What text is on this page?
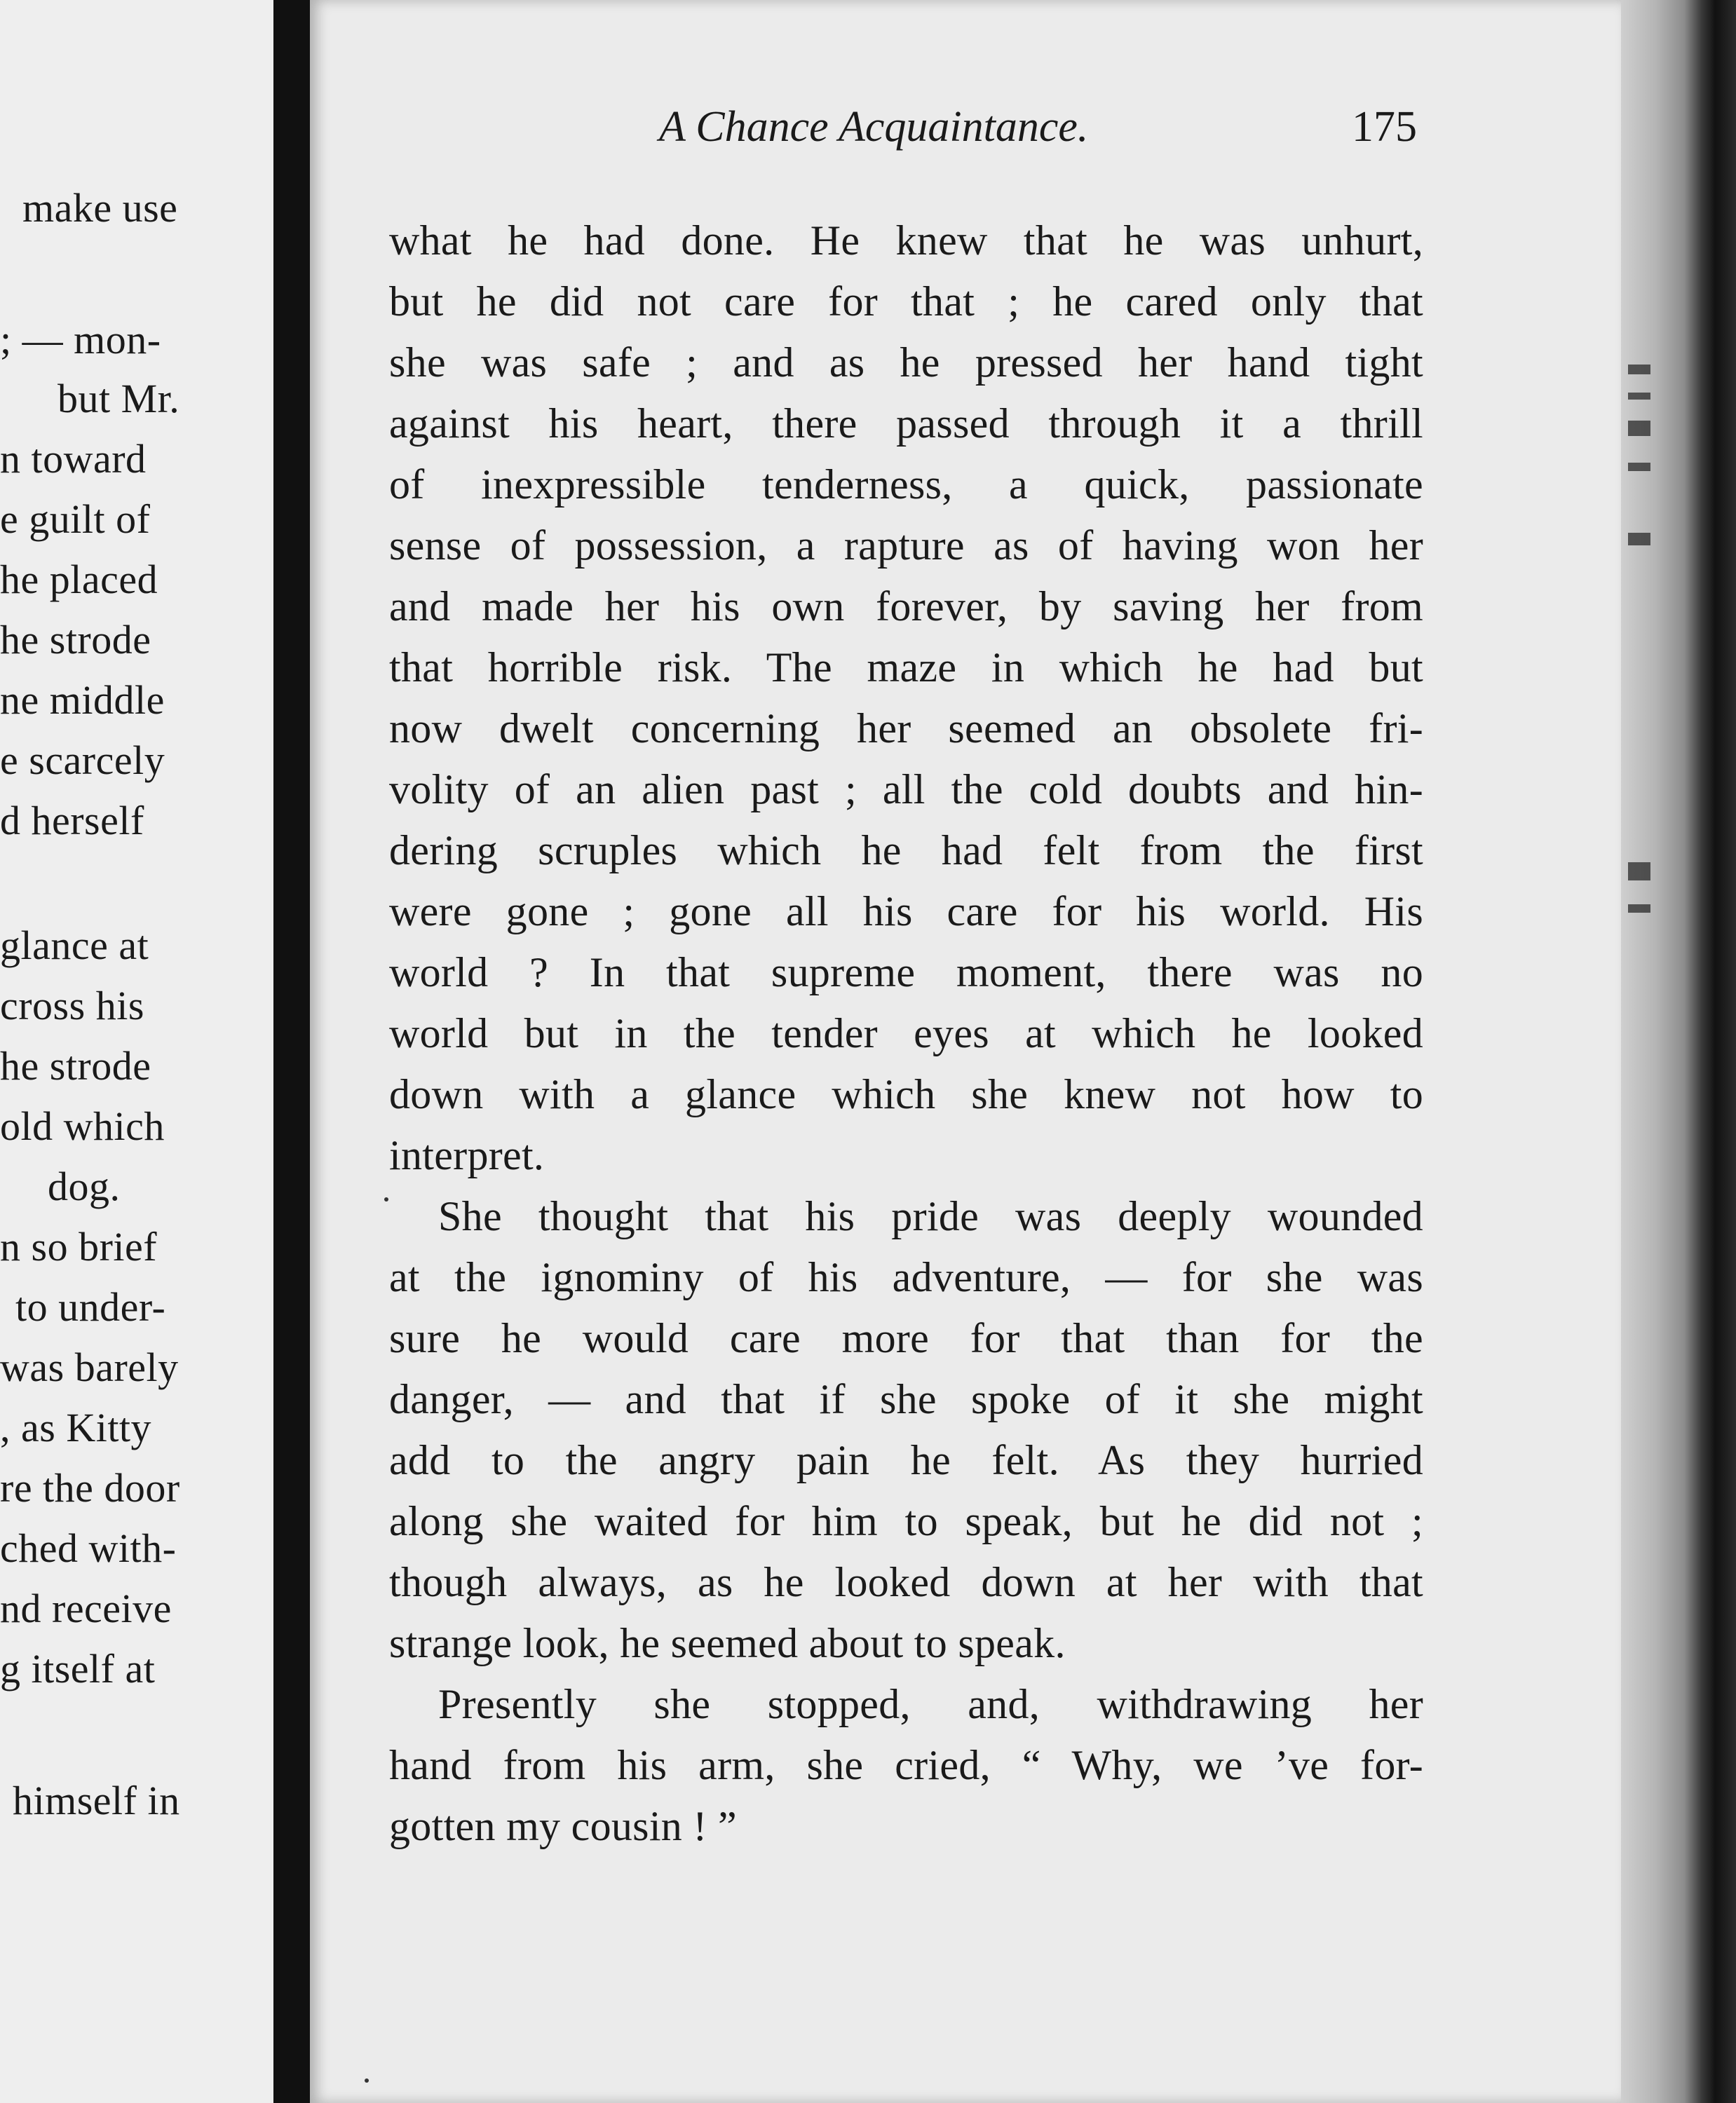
make use
; — mon-
but Mr.
n toward
e guilt of
he placed
he strode
ne middle
e scarcely
d herself
glance at
cross his
he strode
old which
dog.
n so brief
to under-
was barely
, as Kitty
re the door
ched with-
nd receive
g itself at
himself in
A Chance Acquaintance.	175
what he had done. He knew that he was unhurt,
but he did not care for that ; he cared only that
she was safe ; and as he pressed her hand tight
against his heart, there passed through it a thrill
of inexpressible tenderness, a quick, passionate
sense of possession, a rapture as of having won her
and made her his own forever, by saving her from
that horrible risk. The maze in which he had but
now dwelt concerning her seemed an obsolete fri-
volity of an alien past ; all the cold doubts and hin-
dering scruples which he had felt from the first
were gone ; gone all his care for his world. His
world ? In that supreme moment, there was no
world but in the tender eyes at which he looked
down with a glance which she knew not how to
interpret.
She thought that his pride was deeply wounded
at the ignominy of his adventure, — for she was
sure he would care more for that than for the
danger, — and that if she spoke of it she might
add to the angry pain he felt. As they hurried
along she waited for him to speak, but he did not ;
though always, as he looked down at her with that
strange look, he seemed about to speak.
Presently she stopped, and, withdrawing her
hand from his arm, she cried, “ Why, we ’ve for-
gotten my cousin ! ”
